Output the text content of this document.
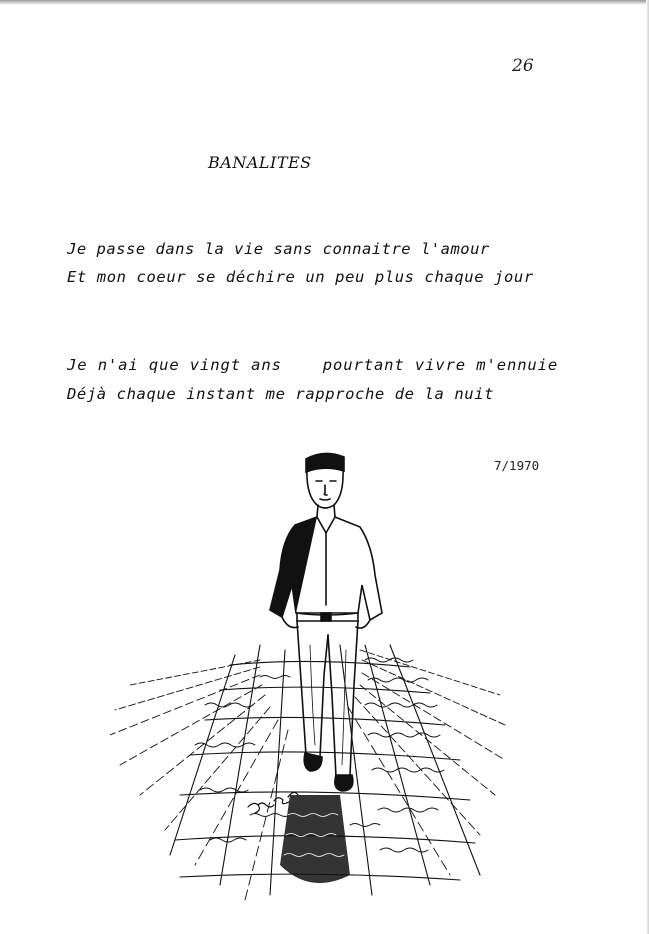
26
BANALITES

Je passe dans la vie sans connaitre l'amour

Et mon coeur se déchire un peu plus chaque jour

Je n'ai que vingt ans    pourtant vivre m'ennuie

Déjà chaque instant me rapproche de la nuit

7/1970
